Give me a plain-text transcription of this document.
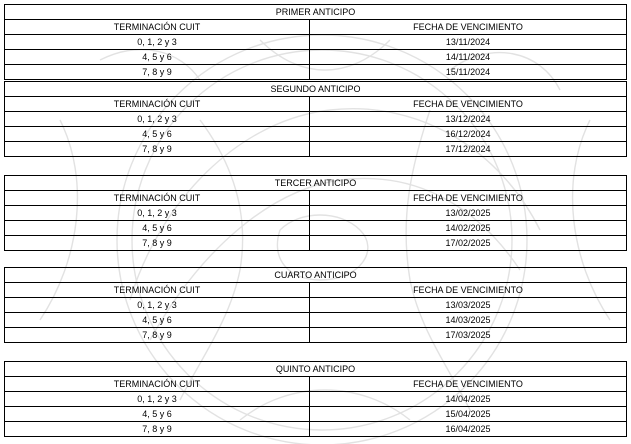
PRIMER ANTICIPO	
TERMINACIÓN CUIT	FECHA DE VENCIMIENTO
0, 1, 2 y 3	13/11/2024
4, 5 y 6	14/11/2024
7, 8 y 9	15/11/2024
SEGUNDO ANTICIPO	
TERMINACIÓN CUIT	FECHA DE VENCIMIENTO
0, 1, 2 y 3	13/12/2024
4, 5 y 6	16/12/2024
7, 8 y 9	17/12/2024
TERCER ANTICIPO	
TERMINACIÓN CUIT	FECHA DE VENCIMIENTO
0, 1, 2 y 3	13/02/2025
4, 5 y 6	14/02/2025
7, 8 y 9	17/02/2025
CUARTO ANTICIPO	
TERMINACIÓN CUIT	FECHA DE VENCIMIENTO
0, 1, 2 y 3	13/03/2025
4, 5 y 6	14/03/2025
7, 8 y 9	17/03/2025
QUINTO ANTICIPO	
TERMINACIÓN CUIT	FECHA DE VENCIMIENTO
0, 1, 2 y 3	14/04/2025
4, 5 y 6	15/04/2025
7, 8 y 9	16/04/2025
